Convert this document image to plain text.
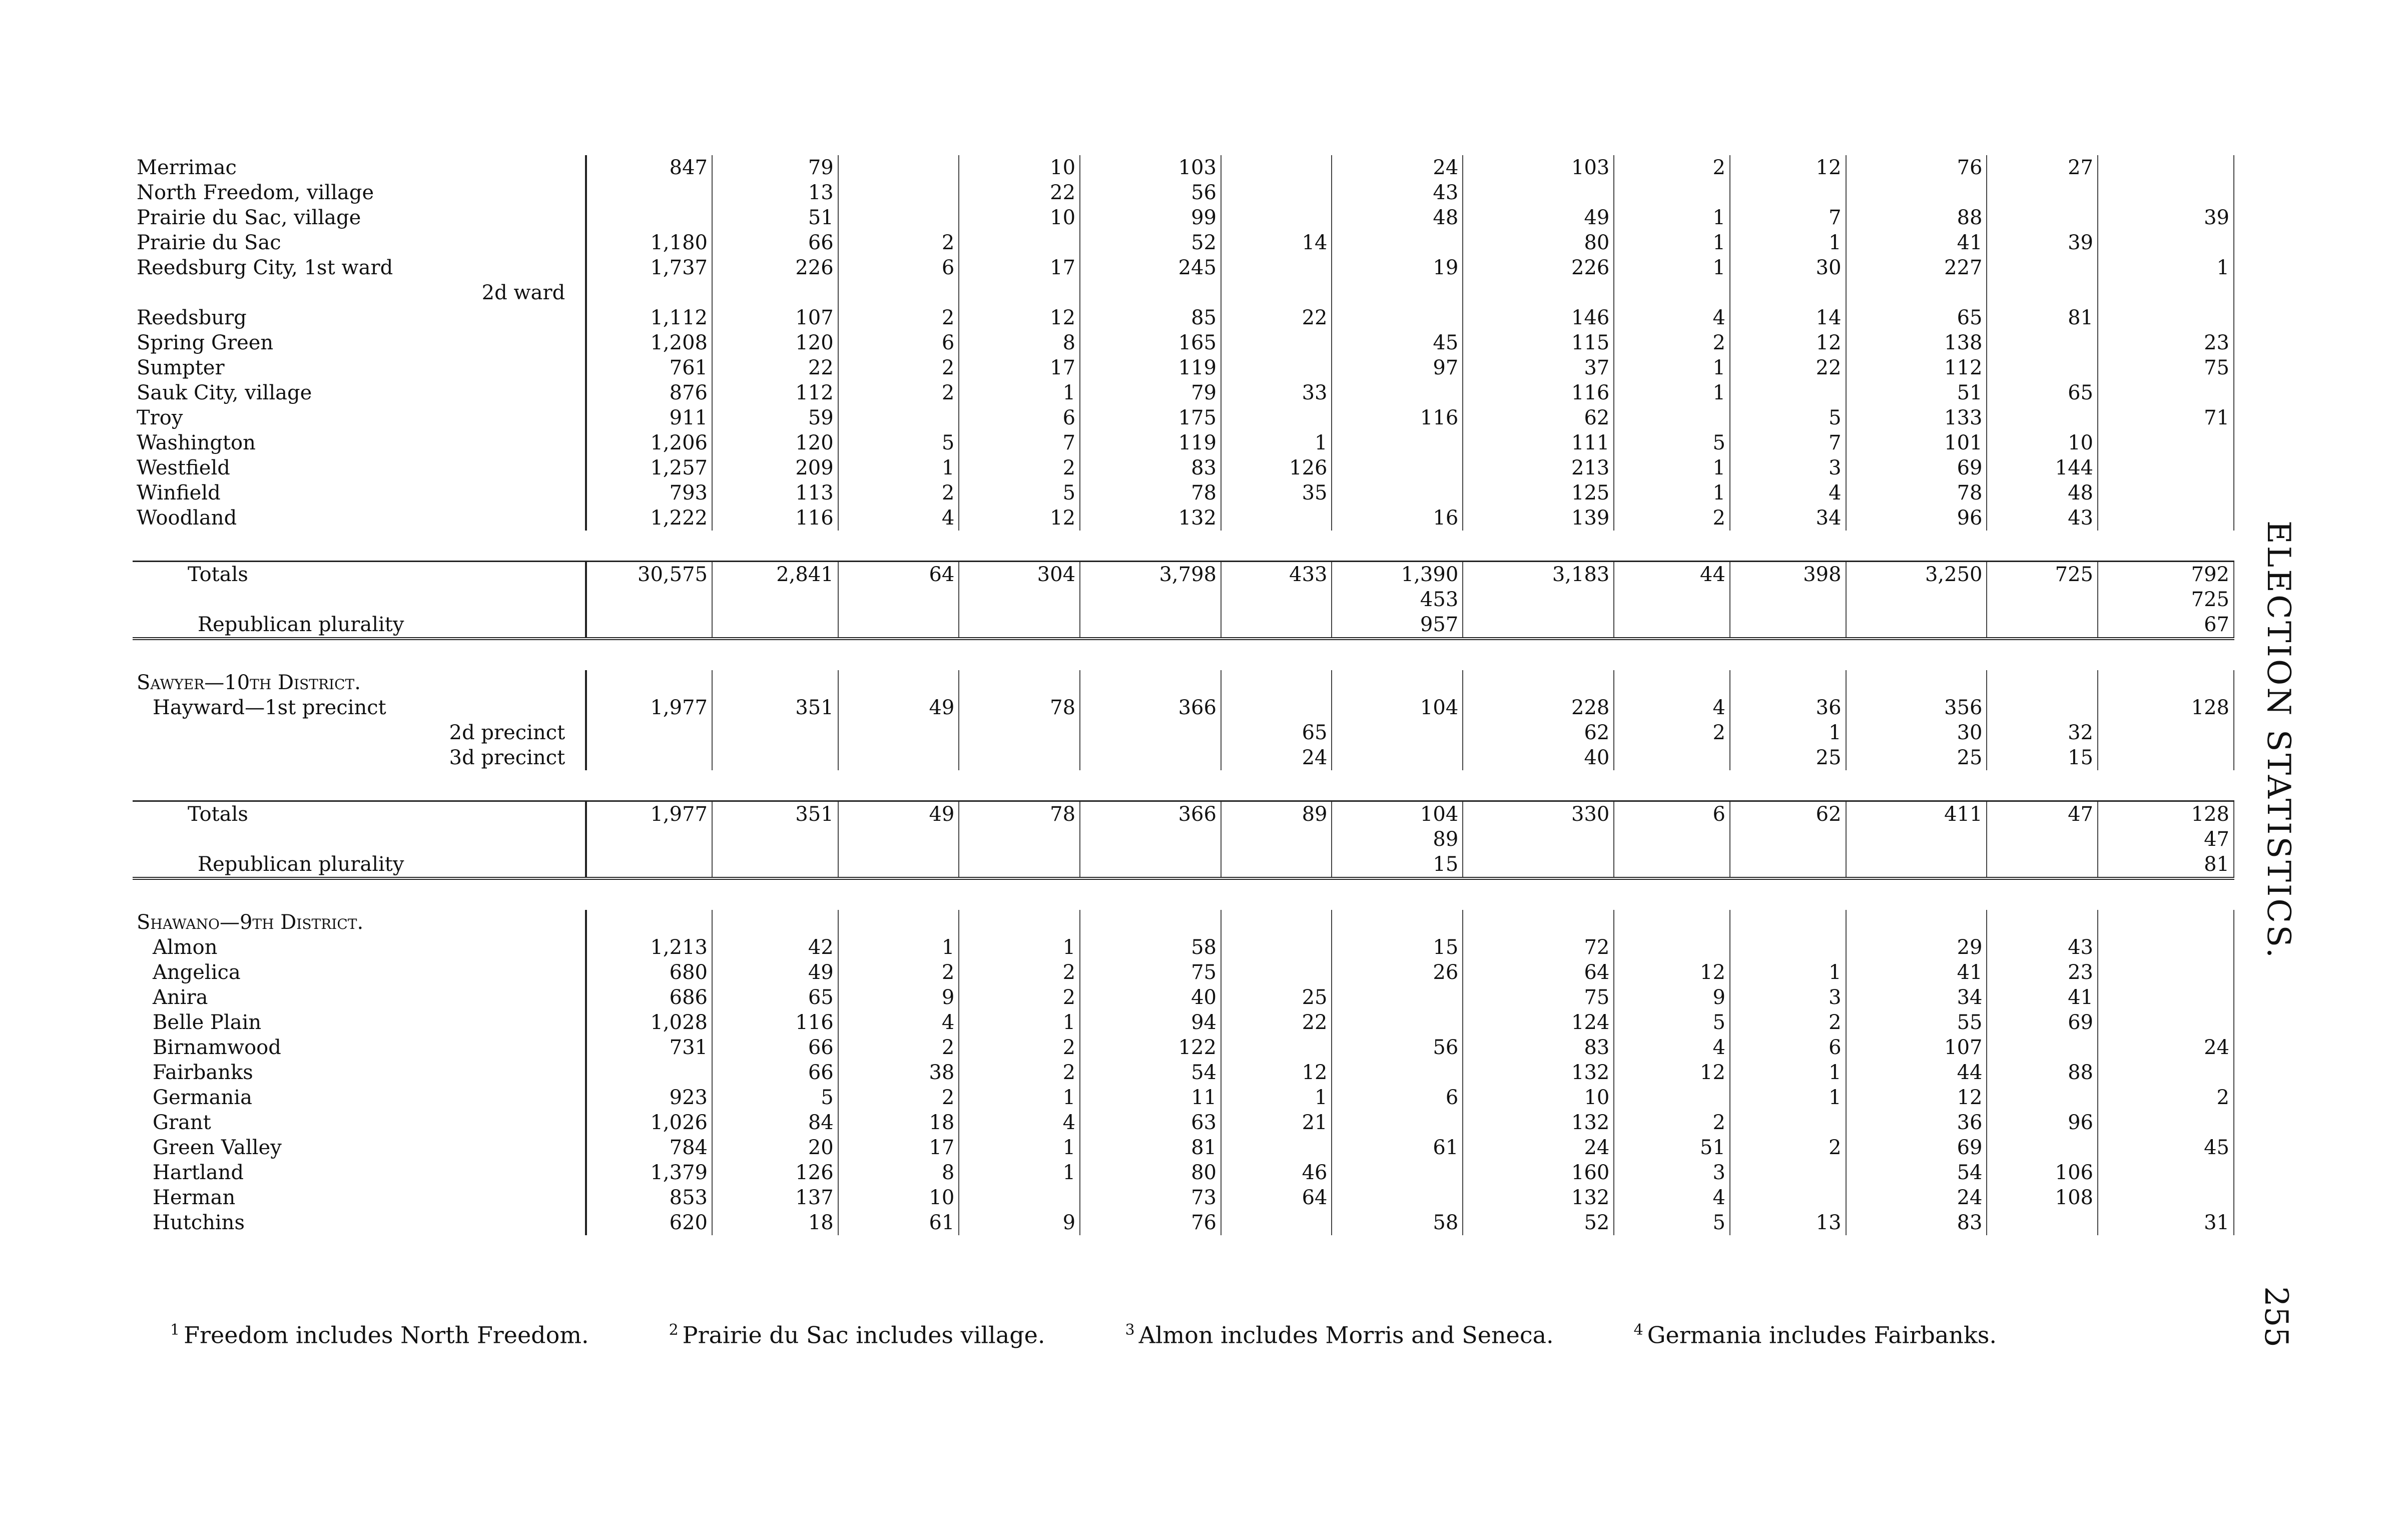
Merrimac	847	79		10	103		24	103	2	12	76	27	
North Freedom, village		13		22	56		43						
Prairie du Sac, village		51		10	99		48	49	1	7	88		39
Prairie du Sac	1,180	66	2		52	14		80	1	1	41	39	
Reedsburg City, 1st ward	1,737	226	6	17	245		19	226	1	30	227		1
2d ward													
Reedsburg	1,112	107	2	12	85	22		146	4	14	65	81	
Spring Green	1,208	120	6	8	165		45	115	2	12	138		23
Sumpter	761	22	2	17	119		97	37	1	22	112		75
Sauk City, village	876	112	2	1	79	33		116	1		51	65	
Troy	911	59		6	175		116	62		5	133		71
Washington	1,206	120	5	7	119	1		111	5	7	101	10	
Westfield	1,257	209	1	2	83	126		213	1	3	69	144	
Winfield	793	113	2	5	78	35		125	1	4	78	48	
Woodland	1,222	116	4	12	132		16	139	2	34	96	43	

Totals	30,575	2,841	64	304	3,798	433	1,390	3,183	44	398	3,250	725	792
							453						725
Republican plurality							957						67

Sawyer—10th District.													
Hayward—1st precinct	1,977	351	49	78	366		104	228	4	36	356		128
2d precinct						65		62	2	1	30	32	
3d precinct						24		40		25	25	15	

Totals	1,977	351	49	78	366	89	104	330	6	62	411	47	128
							89						47
Republican plurality							15						81

Shawano—9th District.													
Almon	1,213	42	1	1	58		15	72			29	43	
Angelica	680	49	2	2	75		26	64	12	1	41	23	
Anira	686	65	9	2	40	25		75	9	3	34	41	
Belle Plain	1,028	116	4	1	94	22		124	5	2	55	69	
Birnamwood	731	66	2	2	122		56	83	4	6	107		24
Fairbanks		66	38	2	54	12		132	12	1	44	88	
Germania	923	5	2	1	11	1	6	10		1	12		2
Grant	1,026	84	18	4	63	21		132	2		36	96	
Green Valley	784	20	17	1	81		61	24	51	2	69		45
Hartland	1,379	126	8	1	80	46		160	3		54	106	
Herman	853	137	10		73	64		132	4		24	108	
Hutchins	620	18	61	9	76		58	52	5	13	83		31
ELECTION STATISTICS.
255
$^1$ Freedom includes North Freedom.	$^2$ Prairie du Sac includes village.	$^3$ Almon includes Morris and Seneca.	$^4$ Germania includes Fairbanks.
